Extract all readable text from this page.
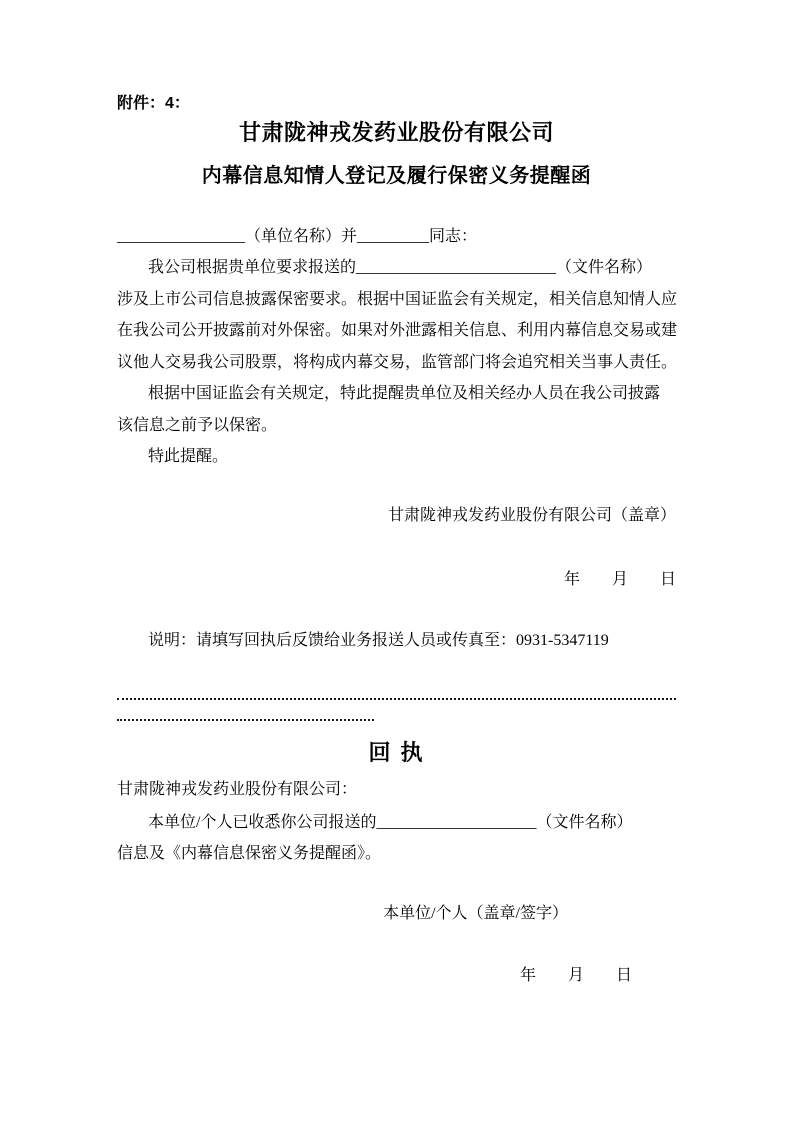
附件：4：
甘肃陇神戎发药业股份有限公司
内幕信息知情人登记及履行保密义务提醒函
________________（单位名称）并_________同志：
我公司根据贵单位要求报送的_________________________（文件名称）
涉及上市公司信息披露保密要求。根据中国证监会有关规定，相关信息知情人应
在我公司公开披露前对外保密。如果对外泄露相关信息、利用内幕信息交易或建
议他人交易我公司股票，将构成内幕交易，监管部门将会追究相关当事人责任。
根据中国证监会有关规定，特此提醒贵单位及相关经办人员在我公司披露
该信息之前予以保密。
特此提醒。
甘肃陇神戎发药业股份有限公司（盖章）
年　　月　　日
说明：请填写回执后反馈给业务报送人员或传真至：0931-5347119
回 执
甘肃陇神戎发药业股份有限公司：
本单位/个人已收悉你公司报送的____________________（文件名称）
信息及《内幕信息保密义务提醒函》。
本单位/个人（盖章/签字）
年　　月　　日
